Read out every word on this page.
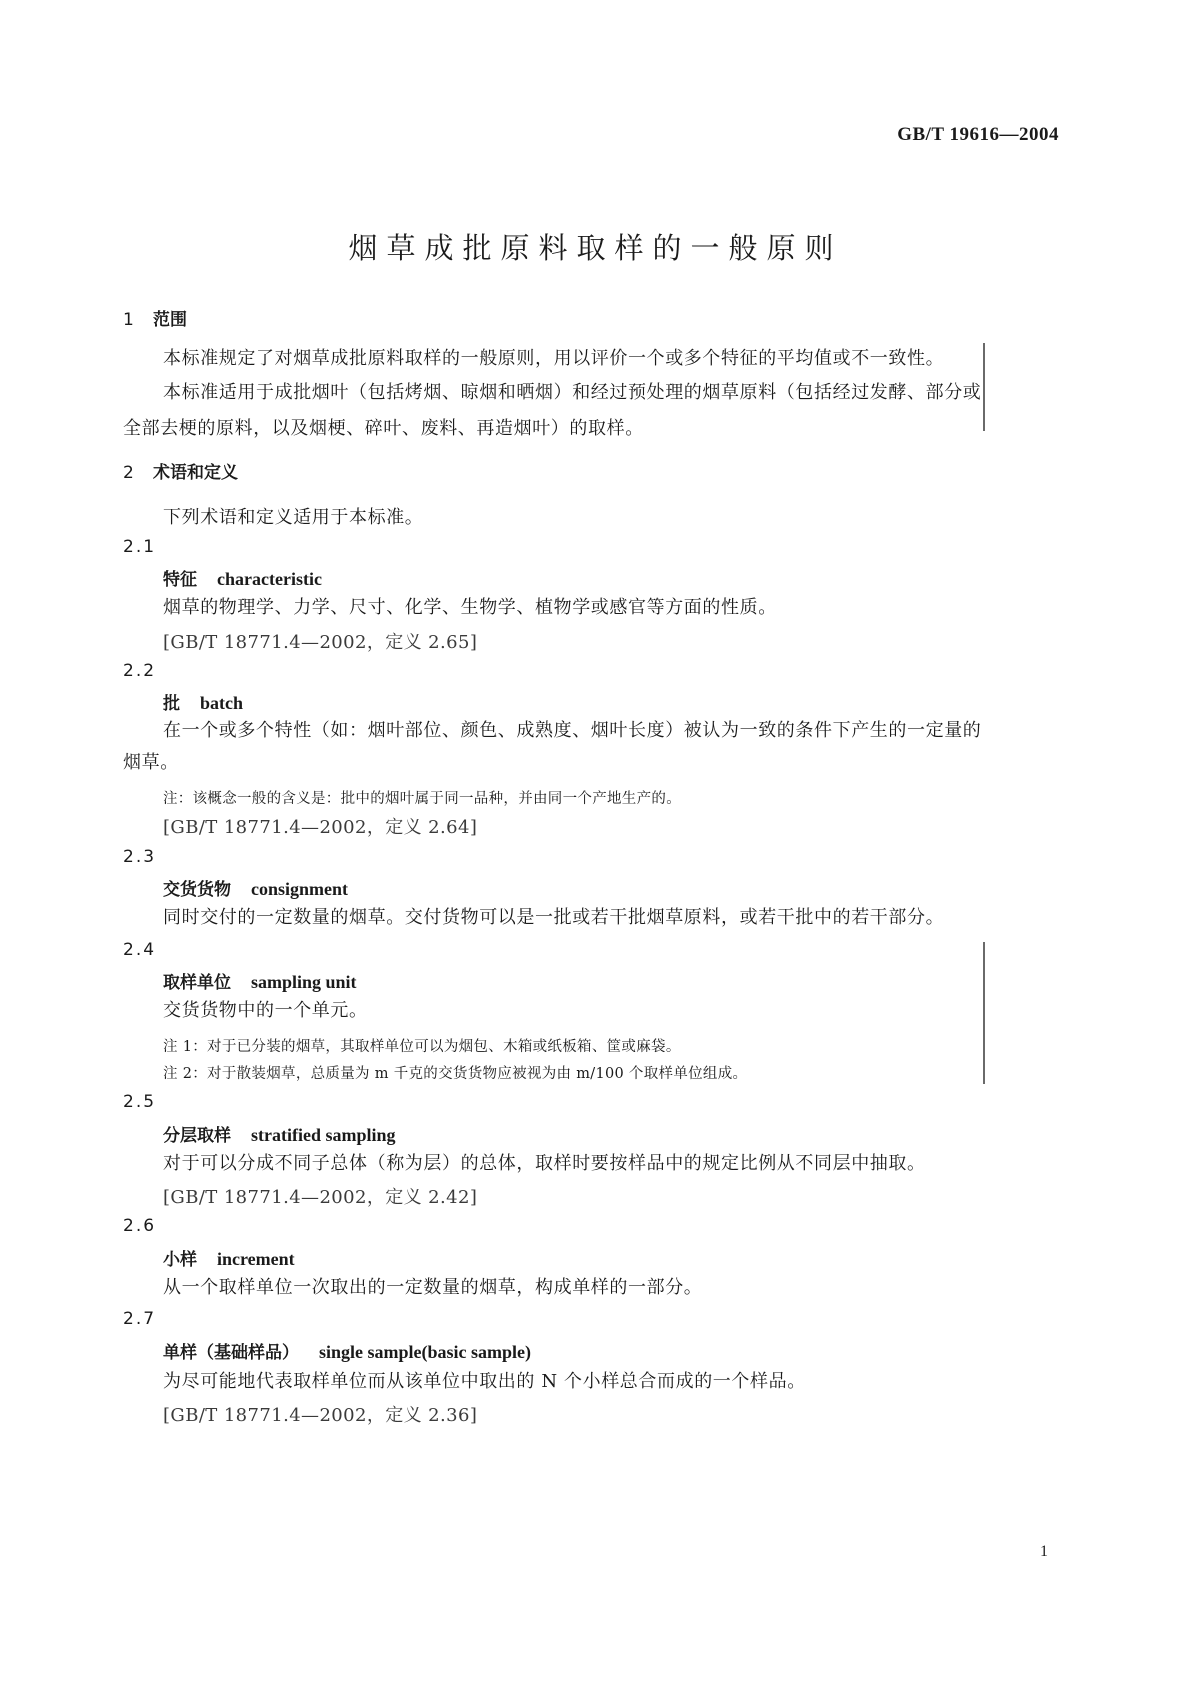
GB/T 19616—2004
烟草成批原料取样的一般原则
1 范围
本标准规定了对烟草成批原料取样的一般原则，用以评价一个或多个特征的平均值或不一致性。
本标准适用于成批烟叶（包括烤烟、晾烟和晒烟）和经过预处理的烟草原料（包括经过发酵、部分或全部去梗的原料，以及烟梗、碎叶、废料、再造烟叶）的取样。
2 术语和定义
下列术语和定义适用于本标准。
2.1
特征 characteristic
烟草的物理学、力学、尺寸、化学、生物学、植物学或感官等方面的性质。
[GB/T 18771.4—2002，定义 2.65]
2.2
批 batch
在一个或多个特性（如：烟叶部位、颜色、成熟度、烟叶长度）被认为一致的条件下产生的一定量的
烟草。
注：该概念一般的含义是：批中的烟叶属于同一品种，并由同一个产地生产的。
[GB/T 18771.4—2002，定义 2.64]
2.3
交货货物 consignment
同时交付的一定数量的烟草。交付货物可以是一批或若干批烟草原料，或若干批中的若干部分。
2.4
取样单位 sampling unit
交货货物中的一个单元。
注 1：对于已分装的烟草，其取样单位可以为烟包、木箱或纸板箱、筐或麻袋。
注 2：对于散装烟草，总质量为 m 千克的交货货物应被视为由 m/100 个取样单位组成。
2.5
分层取样 stratified sampling
对于可以分成不同子总体（称为层）的总体，取样时要按样品中的规定比例从不同层中抽取。
[GB/T 18771.4—2002，定义 2.42]
2.6
小样 increment
从一个取样单位一次取出的一定数量的烟草，构成单样的一部分。
2.7
单样（基础样品） single sample(basic sample)
为尽可能地代表取样单位而从该单位中取出的 N 个小样总合而成的一个样品。
[GB/T 18771.4—2002，定义 2.36]
1
